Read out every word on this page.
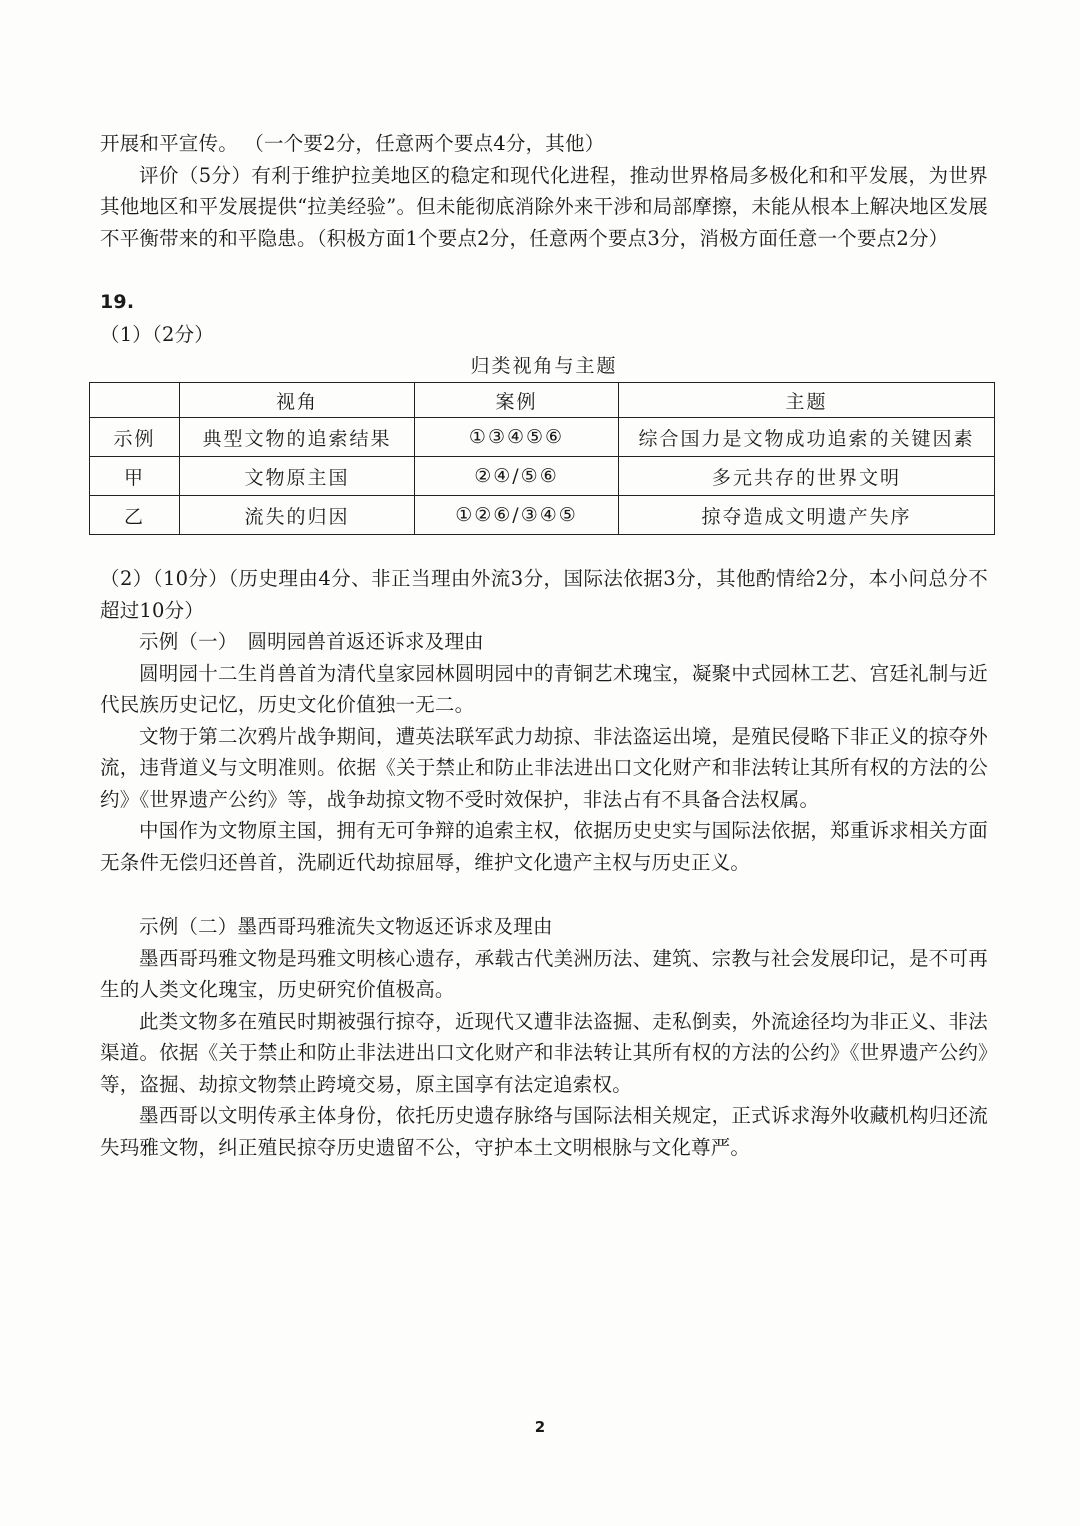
开展和平宣传。 （一个要2分，任意两个要点4分，其他）

评价（5分）有利于维护拉美地区的稳定和现代化进程，推动世界格局多极化和和平发展，为世界其他地区和平发展提供“拉美经验”。但未能彻底消除外来干涉和局部摩擦，未能从根本上解决地区发展不平衡带来的和平隐患。（积极方面1个要点2分，任意两个要点3分，消极方面任意一个要点2分）

19.

（1）（2分）

归类视角与主题
	视角	案例	主题
示例	典型文物的追索结果	①③④⑤⑥	综合国力是文物成功追索的关键因素
甲	文物原主国	②④/⑤⑥	多元共存的世界文明
乙	流失的归因	①②⑥/③④⑤	掠夺造成文明遗产失序

（2）（10分）（历史理由4分、非正当理由外流3分，国际法依据3分，其他酌情给2分，本小问总分不超过10分）

示例（一）　圆明园兽首返还诉求及理由

圆明园十二生肖兽首为清代皇家园林圆明园中的青铜艺术瑰宝，凝聚中式园林工艺、宫廷礼制与近代民族历史记忆，历史文化价值独一无二。

文物于第二次鸦片战争期间，遭英法联军武力劫掠、非法盗运出境，是殖民侵略下非正义的掠夺外流，违背道义与文明准则。依据《关于禁止和防止非法进出口文化财产和非法转让其所有权的方法的公约》《世界遗产公约》等，战争劫掠文物不受时效保护，非法占有不具备合法权属。

中国作为文物原主国，拥有无可争辩的追索主权，依据历史史实与国际法依据，郑重诉求相关方面无条件无偿归还兽首，洗刷近代劫掠屈辱，维护文化遗产主权与历史正义。

示例（二）墨西哥玛雅流失文物返还诉求及理由

墨西哥玛雅文物是玛雅文明核心遗存，承载古代美洲历法、建筑、宗教与社会发展印记，是不可再生的人类文化瑰宝，历史研究价值极高。

此类文物多在殖民时期被强行掠夺，近现代又遭非法盗掘、走私倒卖，外流途径均为非正义、非法渠道。依据《关于禁止和防止非法进出口文化财产和非法转让其所有权的方法的公约》《世界遗产公约》等，盗掘、劫掠文物禁止跨境交易，原主国享有法定追索权。

墨西哥以文明传承主体身份，依托历史遗存脉络与国际法相关规定，正式诉求海外收藏机构归还流失玛雅文物，纠正殖民掠夺历史遗留不公，守护本土文明根脉与文化尊严。

2
